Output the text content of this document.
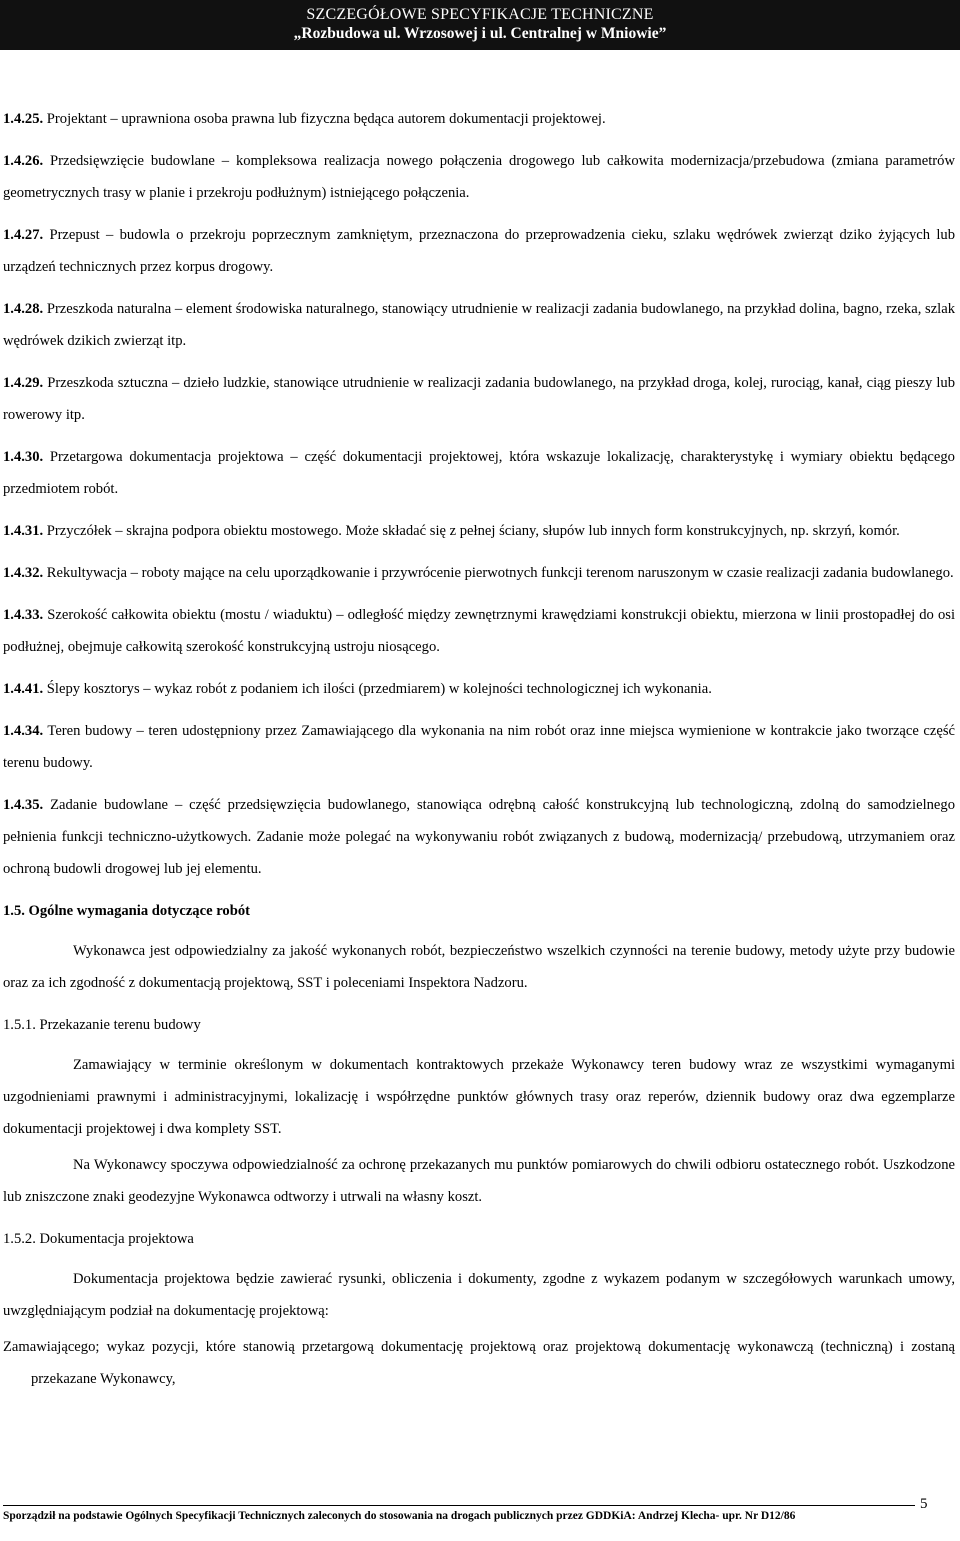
SZCZEGÓŁOWE SPECYFIKACJE TECHNICZNE
„Rozbudowa ul. Wrzosowej i ul. Centralnej w Mniowie”

1.4.25. Projektant – uprawniona osoba prawna lub fizyczna będąca autorem dokumentacji projektowej.

1.4.26. Przedsięwzięcie budowlane – kompleksowa realizacja nowego połączenia drogowego lub całkowita modernizacja/przebudowa (zmiana parametrów geometrycznych trasy w planie i przekroju podłużnym) istniejącego połączenia.

1.4.27. Przepust – budowla o przekroju poprzecznym zamkniętym, przeznaczona do przeprowadzenia cieku, szlaku wędrówek zwierząt dziko żyjących lub urządzeń technicznych przez korpus drogowy.

1.4.28. Przeszkoda naturalna – element środowiska naturalnego, stanowiący utrudnienie w realizacji zadania budowlanego, na przykład dolina, bagno, rzeka, szlak wędrówek dzikich zwierząt itp.

1.4.29. Przeszkoda sztuczna – dzieło ludzkie, stanowiące utrudnienie w realizacji zadania budowlanego, na przykład droga, kolej, rurociąg, kanał, ciąg pieszy lub rowerowy itp.

1.4.30. Przetargowa dokumentacja projektowa – część dokumentacji projektowej, która wskazuje lokalizację, charakterystykę i wymiary obiektu będącego przedmiotem robót.

1.4.31. Przyczółek – skrajna podpora obiektu mostowego. Może składać się z pełnej ściany, słupów lub innych form konstrukcyjnych, np. skrzyń, komór.

1.4.32. Rekultywacja – roboty mające na celu uporządkowanie i przywrócenie pierwotnych funkcji terenom naruszonym w czasie realizacji zadania budowlanego.

1.4.33. Szerokość całkowita obiektu (mostu / wiaduktu) – odległość między zewnętrznymi krawędziami konstrukcji obiektu, mierzona w linii prostopadłej do osi podłużnej, obejmuje całkowitą szerokość konstrukcyjną ustroju niosącego.

1.4.41. Ślepy kosztorys – wykaz robót z podaniem ich ilości (przedmiarem) w kolejności technologicznej ich wykonania.

1.4.34. Teren budowy – teren udostępniony przez Zamawiającego dla wykonania na nim robót oraz inne miejsca wymienione w kontrakcie jako tworzące część terenu budowy.

1.4.35. Zadanie budowlane – część przedsięwzięcia budowlanego, stanowiąca odrębną całość konstrukcyjną lub technologiczną, zdolną do samodzielnego pełnienia funkcji techniczno-użytkowych. Zadanie może polegać na wykonywaniu robót związanych z budową, modernizacją/ przebudową, utrzymaniem oraz ochroną budowli drogowej lub jej elementu.

1.5. Ogólne wymagania dotyczące robót

Wykonawca jest odpowiedzialny za jakość wykonanych robót, bezpieczeństwo wszelkich czynności na terenie budowy, metody użyte przy budowie oraz za ich zgodność z dokumentacją projektową, SST i poleceniami Inspektora Nadzoru.

1.5.1. Przekazanie terenu budowy

Zamawiający w terminie określonym w dokumentach kontraktowych przekaże Wykonawcy teren budowy wraz ze wszystkimi wymaganymi uzgodnieniami prawnymi i administracyjnymi, lokalizację i współrzędne punktów głównych trasy oraz reperów, dziennik budowy oraz dwa egzemplarze dokumentacji projektowej i dwa komplety SST.

Na Wykonawcy spoczywa odpowiedzialność za ochronę przekazanych mu punktów pomiarowych do chwili odbioru ostatecznego robót. Uszkodzone lub zniszczone znaki geodezyjne Wykonawca odtworzy i utrwali na własny koszt.

1.5.2. Dokumentacja projektowa

Dokumentacja projektowa będzie zawierać rysunki, obliczenia i dokumenty, zgodne z wykazem podanym w szczegółowych warunkach umowy, uwzględniającym podział na dokumentację projektową:

Zamawiającego; wykaz pozycji, które stanowią przetargową dokumentację projektową oraz projektową dokumentację wykonawczą (techniczną) i zostaną przekazane Wykonawcy,

5
Sporządził na podstawie Ogólnych Specyfikacji Technicznych zaleconych do stosowania na drogach publicznych przez GDDKiA: Andrzej Klecha- upr. Nr D12/86
